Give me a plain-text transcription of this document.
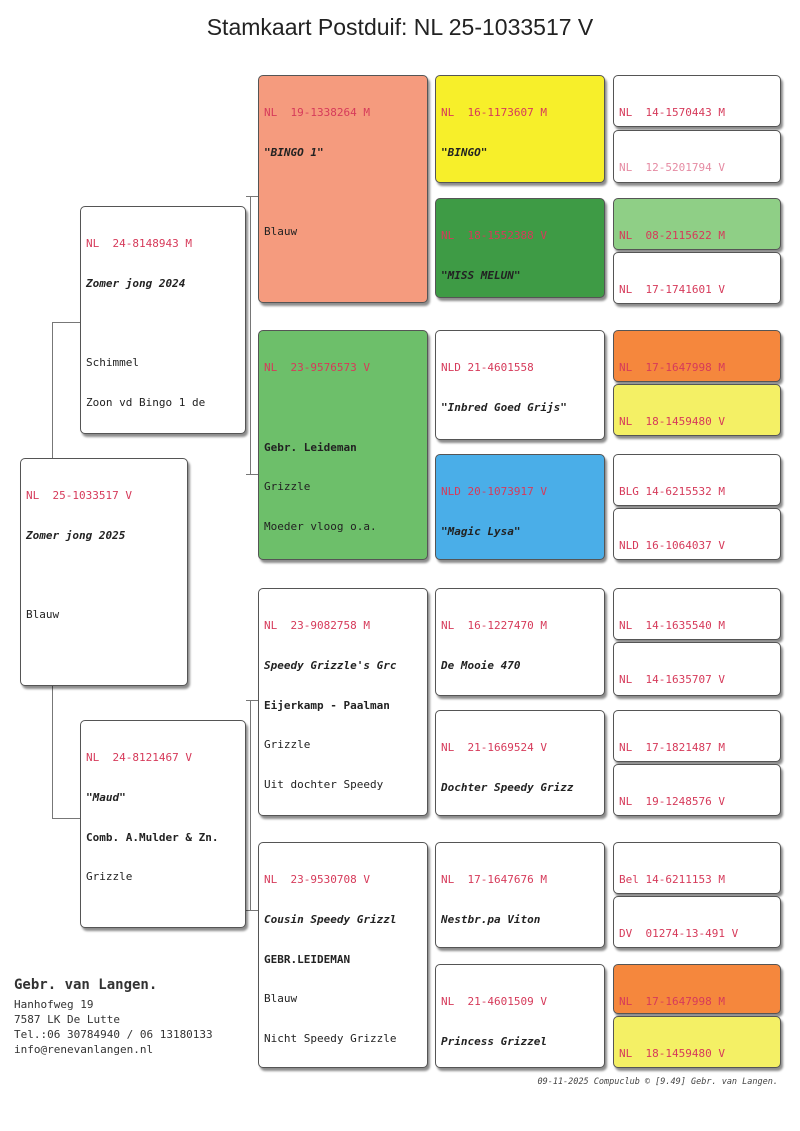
Stamkaart Postduif: NL 25-1033517 V

NL  25-1033517 V

Zomer jong 2025

Blauw

NL  24-8148943 M

Zomer jong 2024

Schimmel

Zoon vd Bingo 1 de

NL  24-8121467 V

"Maud"

Comb. A.Mulder & Zn.

Grizzle

NL  19-1338264 M

"BINGO 1"

Blauw

NL  23-9576573 V

Gebr. Leideman

Grizzle

Moeder vloog o.a.

NL  23-9082758 M

Speedy Grizzle's Grc

Eijerkamp - Paalman

Grizzle

Uit dochter Speedy

NL  23-9530708 V

Cousin Speedy Grizzl

GEBR.LEIDEMAN

Blauw

Nicht Speedy Grizzle

NL  16-1173607 M

"BINGO"

NL  18-1552388 V

"MISS MELUN"

NLD 21-4601558

"Inbred Goed Grijs"

NLD 20-1073917 V

"Magic Lysa"

NL  16-1227470 M

De Mooie 470

NL  21-1669524 V

Dochter Speedy Grizz

NL  17-1647676 M

Nestbr.pa Viton

NL  21-4601509 V

Princess Grizzel

NL  14-1570443 M

NL  12-5201794 V

NL  08-2115622 M

NL  17-1741601 V

NL  17-1647998 M

NL  18-1459480 V

BLG 14-6215532 M

NLD 16-1064037 V

NL  14-1635540 M

NL  14-1635707 V

NL  17-1821487 M

NL  19-1248576 V

Bel 14-6211153 M

DV  01274-13-491 V

NL  17-1647998 M

NL  18-1459480 V

Gebr. van Langen.
Hanhofweg 19
7587 LK De Lutte
Tel.:06 30784940 / 06 13180133
info@renevanlangen.nl
09-11-2025 Compuclub © [9.49] Gebr. van Langen.
